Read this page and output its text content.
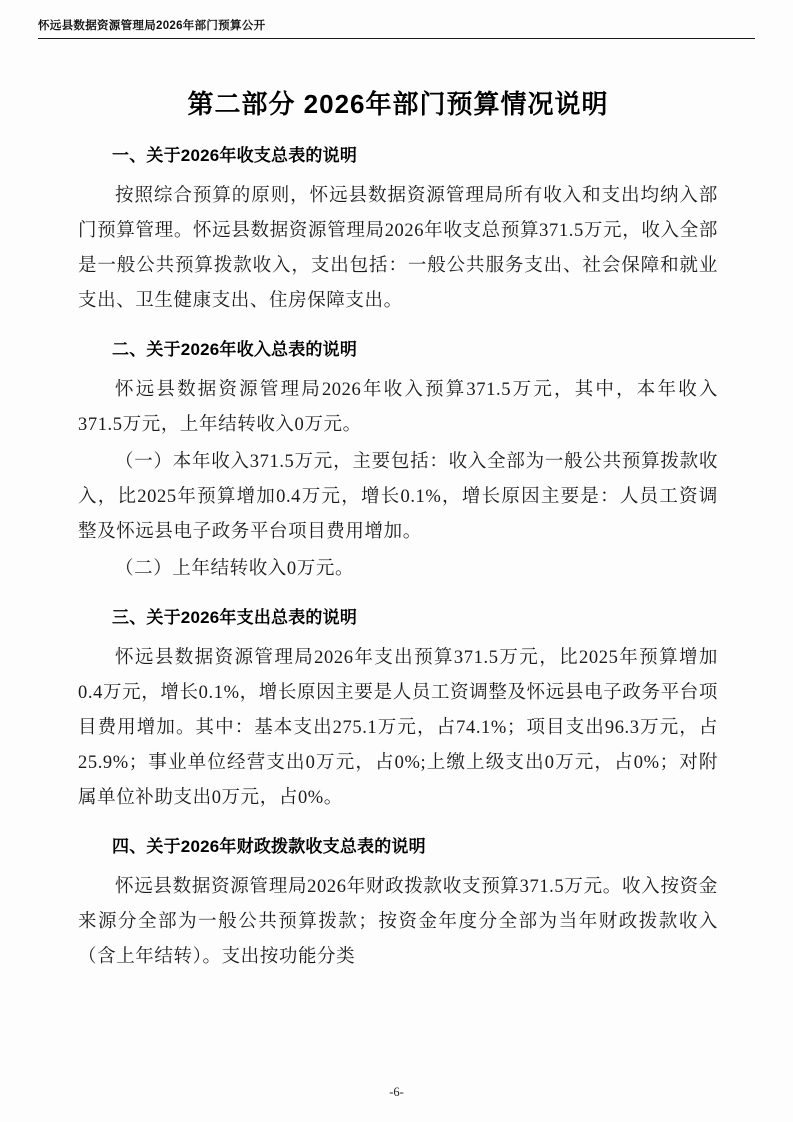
怀远县数据资源管理局2026年部门预算公开
第二部分 2026年部门预算情况说明
一、关于2026年收支总表的说明

按照综合预算的原则，怀远县数据资源管理局所有收入和支出均纳入部门预算管理。怀远县数据资源管理局2026年收支总预算371.5万元，收入全部是一般公共预算拨款收入，支出包括：一般公共服务支出、社会保障和就业支出、卫生健康支出、住房保障支出。

二、关于2026年收入总表的说明

怀远县数据资源管理局2026年收入预算371.5万元，其中，本年收入371.5万元，上年结转收入0万元。

（一）本年收入371.5万元，主要包括：收入全部为一般公共预算拨款收入，比2025年预算增加0.4万元，增长0.1%，增长原因主要是：人员工资调整及怀远县电子政务平台项目费用增加。

（二）上年结转收入0万元。

三、关于2026年支出总表的说明

怀远县数据资源管理局2026年支出预算371.5万元，比2025年预算增加0.4万元，增长0.1%，增长原因主要是人员工资调整及怀远县电子政务平台项目费用增加。其中：基本支出275.1万元，占74.1%；项目支出96.3万元，占25.9%；事业单位经营支出0万元，占0%;上缴上级支出0万元，占0%；对附属单位补助支出0万元，占0%。

四、关于2026年财政拨款收支总表的说明

怀远县数据资源管理局2026年财政拨款收支预算371.5万元。收入按资金来源分全部为一般公共预算拨款；按资金年度分全部为当年财政拨款收入（含上年结转）。支出按功能分类

-6-
